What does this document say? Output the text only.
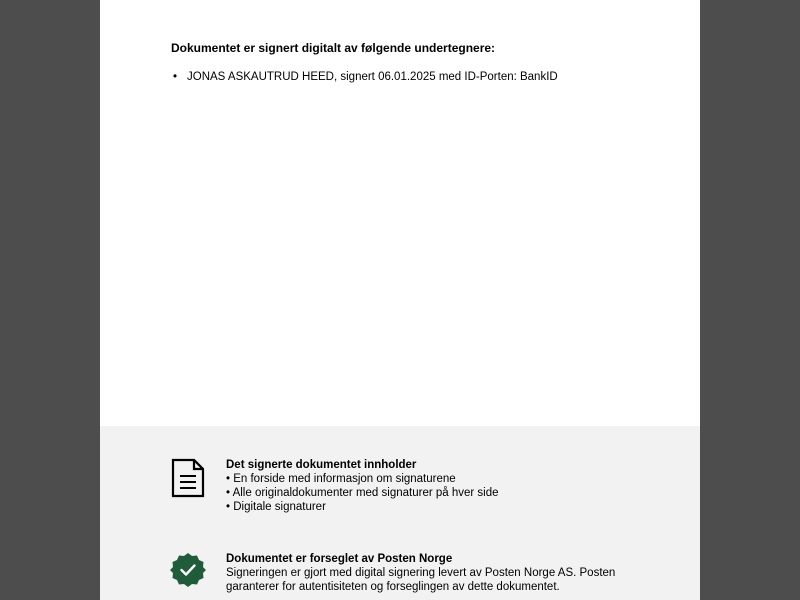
Dokumentet er signert digitalt av følgende undertegnere:

• JONAS ASKAUTRUD HEED, signert 06.01.2025 med ID-Porten: BankID
Det signerte dokumentet innholder
• En forside med informasjon om signaturene
• Alle originaldokumenter med signaturer på hver side
• Digitale signaturer
Dokumentet er forseglet av Posten Norge
Signeringen er gjort med digital signering levert av Posten Norge AS. Posten
garanterer for autentisiteten og forseglingen av dette dokumentet.
